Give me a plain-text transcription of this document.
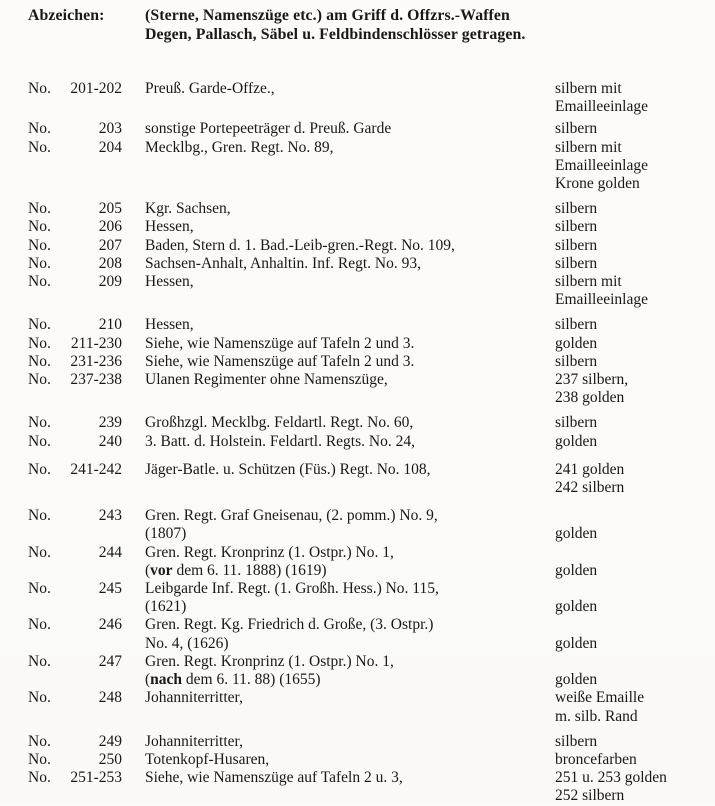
Abzeichen:	(Sterne, Namenszüge etc.) am Griff d. Offzrs.-Waffen
Degen, Pallasch, Säbel u. Feldbindenschlösser getragen.
No.	201-202 Preuß. Garde-Offze.,	silbern mit
Emailleeinlage
No.	203 sonstige Portepeeträger d. Preuß. Garde	silbern
No.	204 Mecklbg., Gren. Regt. No. 89,	silbern mit
Emailleeinlage
Krone golden
No.	205 Kgr. Sachsen,	silbern
No.	206 Hessen,	silbern
No.	207 Baden, Stern d. 1. Bad.-Leib-gren.-Regt. No. 109,	silbern
No.	208 Sachsen-Anhalt, Anhaltin. Inf. Regt. No. 93,	silbern
No.	209 Hessen,	silbern mit
Emailleeinlage
No.	210 Hessen,	silbern
No.	211-230 Siehe, wie Namenszüge auf Tafeln 2 und 3.	golden
No.	231-236 Siehe, wie Namenszüge auf Tafeln 2 und 3.	silbern
No.	237-238 Ulanen Regimenter ohne Namenszüge,	237 silbern,
238 golden
No.	239 Großhzgl. Mecklbg. Feldartl. Regt. No. 60,	silbern
No.	240 3. Batt. d. Holstein. Feldartl. Regts. No. 24,	golden
No.	241-242 Jäger-Batle. u. Schützen (Füs.) Regt. No. 108,	241 golden
242 silbern
No.	243 Gren. Regt. Graf Gneisenau, (2. pomm.) No. 9,
(1807)	golden
No.	244 Gren. Regt. Kronprinz (1. Ostpr.) No. 1,
(vor dem 6. 11. 1888) (1619)	golden
No.	245 Leibgarde Inf. Regt. (1. Großh. Hess.) No. 115,
(1621)	golden
No.	246 Gren. Regt. Kg. Friedrich d. Große, (3. Ostpr.)
No. 4, (1626)	golden
No.	247 Gren. Regt. Kronprinz (1. Ostpr.) No. 1,
(nach dem 6. 11. 88) (1655)	golden
No.	248 Johanniterritter,	weiße Emaille
m. silb. Rand
No.	249 Johanniterritter,	silbern
No.	250 Totenkopf-Husaren,	broncefarben
No.	251-253 Siehe, wie Namenszüge auf Tafeln 2 u. 3,	251 u. 253 golden
252 silbern
